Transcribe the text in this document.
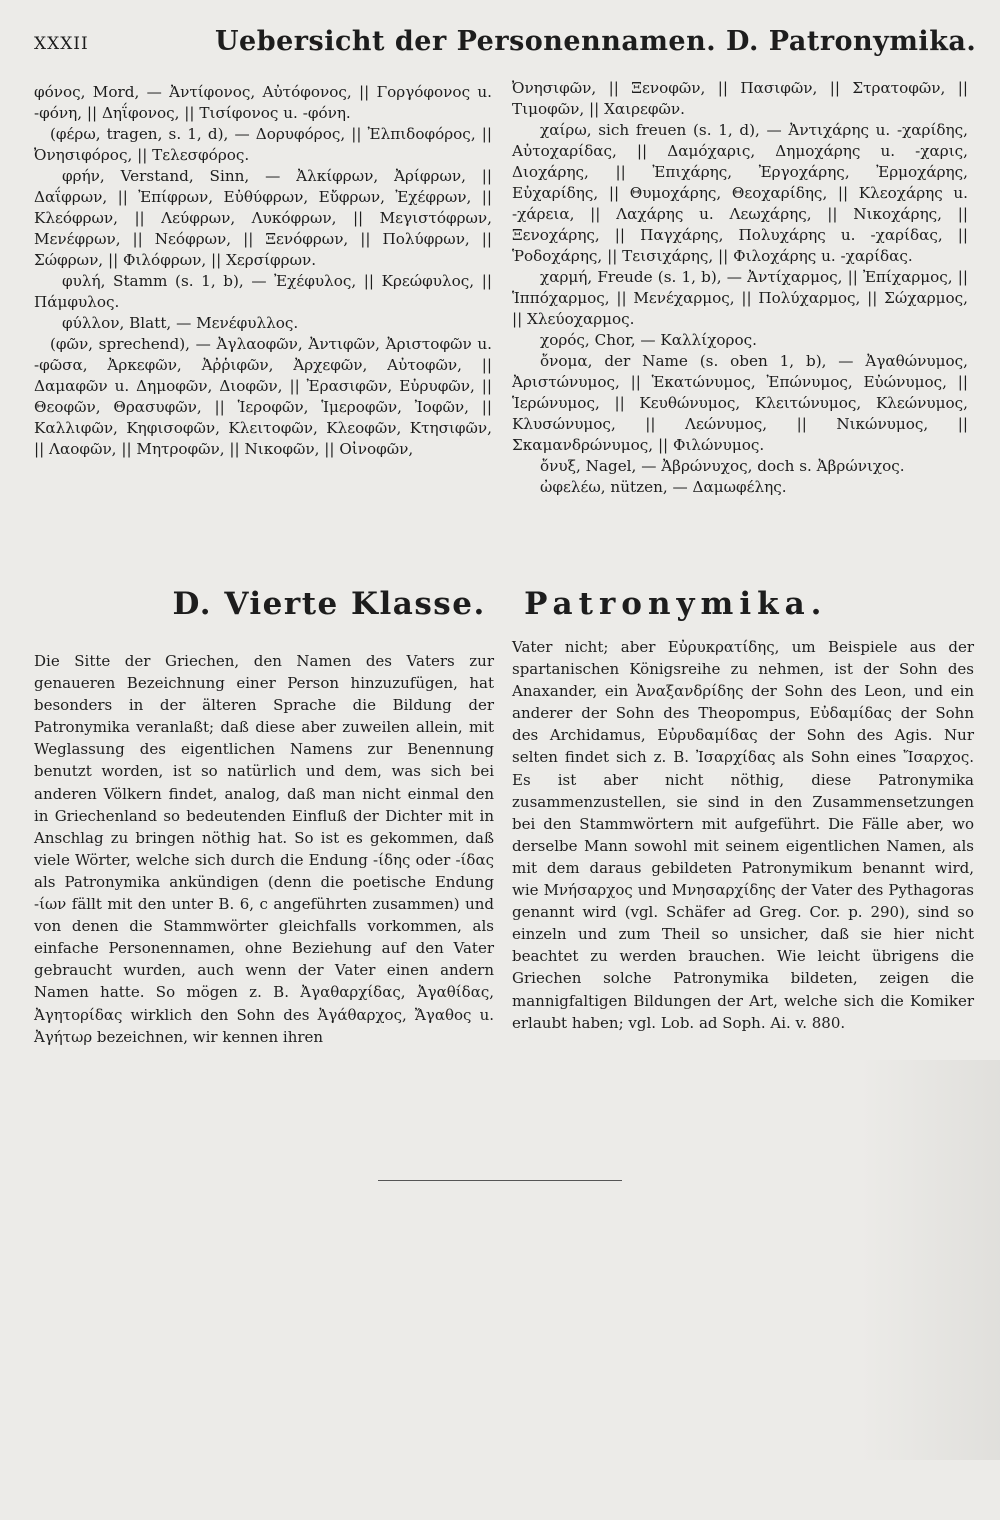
XXXII	Uebersicht der Personennamen. D. Patronymika.

φόνος, Mord, — Ἀντίφονος, Αὐτόφονος, || Γοργόφονος u. -φόνη, || Δηΐφονος, || Τισίφονος u. -φόνη.

(φέρω, tragen, s. 1, d), — Δορυφόρος, || Ἐλπιδοφόρος, || Ὀνησιφόρος, || Τελεσφόρος.

φρήν, Verstand, Sinn, — Ἀλκίφρων, Ἀρίφρων, || Δαΐφρων, || Ἐπίφρων, Εὐθύφρων, Εὔφρων, Ἐχέφρων, || Κλεόφρων, || Λεύφρων, Λυκόφρων, || Μεγιστόφρων, Μενέφρων, || Νεόφρων, || Ξενόφρων, || Πολύφρων, || Σώφρων, || Φιλόφρων, || Χερσίφρων.

φυλή, Stamm (s. 1, b), — Ἐχέφυλος, || Κρεώφυλος, || Πάμφυλος.

φύλλον, Blatt, — Μενέφυλλος.

(φῶν, sprechend), — Ἀγλαοφῶν, Ἀντιφῶν, Ἀριστοφῶν u. -φῶσα, Ἀρκεφῶν, Ἀῤῥιφῶν, Ἀρχεφῶν, Αὐτοφῶν, || Δαμαφῶν u. Δημοφῶν, Διοφῶν, || Ἐρασιφῶν, Εὐρυφῶν, || Θεοφῶν, Θρασυφῶν, || Ἱεροφῶν, Ἱμεροφῶν, Ἰοφῶν, || Καλλιφῶν, Κηφισοφῶν, Κλειτοφῶν, Κλεοφῶν, Κτησιφῶν, || Λαοφῶν, || Μητροφῶν, || Νικοφῶν, || Οἰνοφῶν,

Ὀνησιφῶν, || Ξενοφῶν, || Πασιφῶν, || Στρατοφῶν, || Τιμοφῶν, || Χαιρεφῶν.

χαίρω, sich freuen (s. 1, d), — Ἀντιχάρης u. -χαρίδης, Αὐτοχαρίδας, || Δαμόχαρις, Δημοχάρης u. -χαρις, Διοχάρης, || Ἐπιχάρης, Ἐργοχάρης, Ἐρμοχάρης, Εὐχαρίδης, || Θυμοχάρης, Θεοχαρίδης, || Κλεοχάρης u. -χάρεια, || Λαχάρης u. Λεωχάρης, || Νικοχάρης, || Ξενοχάρης, || Παγχάρης, Πολυχάρης u. -χαρίδας, || Ῥοδοχάρης, || Τεισιχάρης, || Φιλοχάρης u. -χαρίδας.

χαρμή, Freude (s. 1, b), — Ἀντίχαρμος, || Ἐπίχαρμος, || Ἱππόχαρμος, || Μενέχαρμος, || Πολύχαρμος, || Σώχαρμος, || Χλεύοχαρμος.

χορός, Chor, — Καλλίχορος.

ὄνομα, der Name (s. oben 1, b), — Ἀγαθώνυμος, Ἀριστώνυμος, || Ἑκατώνυμος, Ἐπώνυμος, Εὐώνυμος, || Ἱερώνυμος, || Κευθώνυμος, Κλειτώνυμος, Κλεώνυμος, Κλυσώνυμος, || Λεώνυμος, || Νικώνυμος, || Σκαμανδρώνυμος, || Φιλώνυμος.

ὄνυξ, Nagel, — Ἀβρώνυχος, doch s. Ἀβρώνιχος.

ὠφελέω, nützen, — Δαμωφέλης.

D. Vierte Klasse. Patronymika.

Die Sitte der Griechen, den Namen des Vaters zur genaueren Bezeichnung einer Person hinzuzufügen, hat besonders in der älteren Sprache die Bildung der Patronymika veranlaßt; daß diese aber zuweilen allein, mit Weglassung des eigentlichen Namens zur Benennung benutzt worden, ist so natürlich und dem, was sich bei anderen Völkern findet, analog, daß man nicht einmal den in Griechenland so bedeutenden Einfluß der Dichter mit in Anschlag zu bringen nöthig hat. So ist es gekommen, daß viele Wörter, welche sich durch die Endung -ίδης oder -ίδας als Patronymika ankündigen (denn die poetische Endung -ίων fällt mit den unter B. 6, c angeführten zusammen) und von denen die Stammwörter gleichfalls vorkommen, als einfache Personennamen, ohne Beziehung auf den Vater gebraucht wurden, auch wenn der Vater einen andern Namen hatte. So mögen z. B. Ἀγαθαρχίδας, Ἀγαθίδας, Ἀγητορίδας wirklich den Sohn des Ἀγάθαρχος, Ἄγαθος u. Ἀγήτωρ bezeichnen, wir kennen ihren

Vater nicht; aber Εὐρυκρατίδης, um Beispiele aus der spartanischen Königsreihe zu nehmen, ist der Sohn des Anaxander, ein Ἀναξανδρίδης der Sohn des Leon, und ein anderer der Sohn des Theopompus, Εὐδαμίδας der Sohn des Archidamus, Εὐρυδαμίδας der Sohn des Agis. Nur selten findet sich z. B. Ἰσαρχίδας als Sohn eines Ἴσαρχος. Es ist aber nicht nöthig, diese Patronymika zusammenzustellen, sie sind in den Zusammensetzungen bei den Stammwörtern mit aufgeführt. Die Fälle aber, wo derselbe Mann sowohl mit seinem eigentlichen Namen, als mit dem daraus gebildeten Patronymikum benannt wird, wie Μνήσαρχος und Μνησαρχίδης der Vater des Pythagoras genannt wird (vgl. Schäfer ad Greg. Cor. p. 290), sind so einzeln und zum Theil so unsicher, daß sie hier nicht beachtet zu werden brauchen. Wie leicht übrigens die Griechen solche Patronymika bildeten, zeigen die mannigfaltigen Bildungen der Art, welche sich die Komiker erlaubt haben; vgl. Lob. ad Soph. Ai. v. 880.
